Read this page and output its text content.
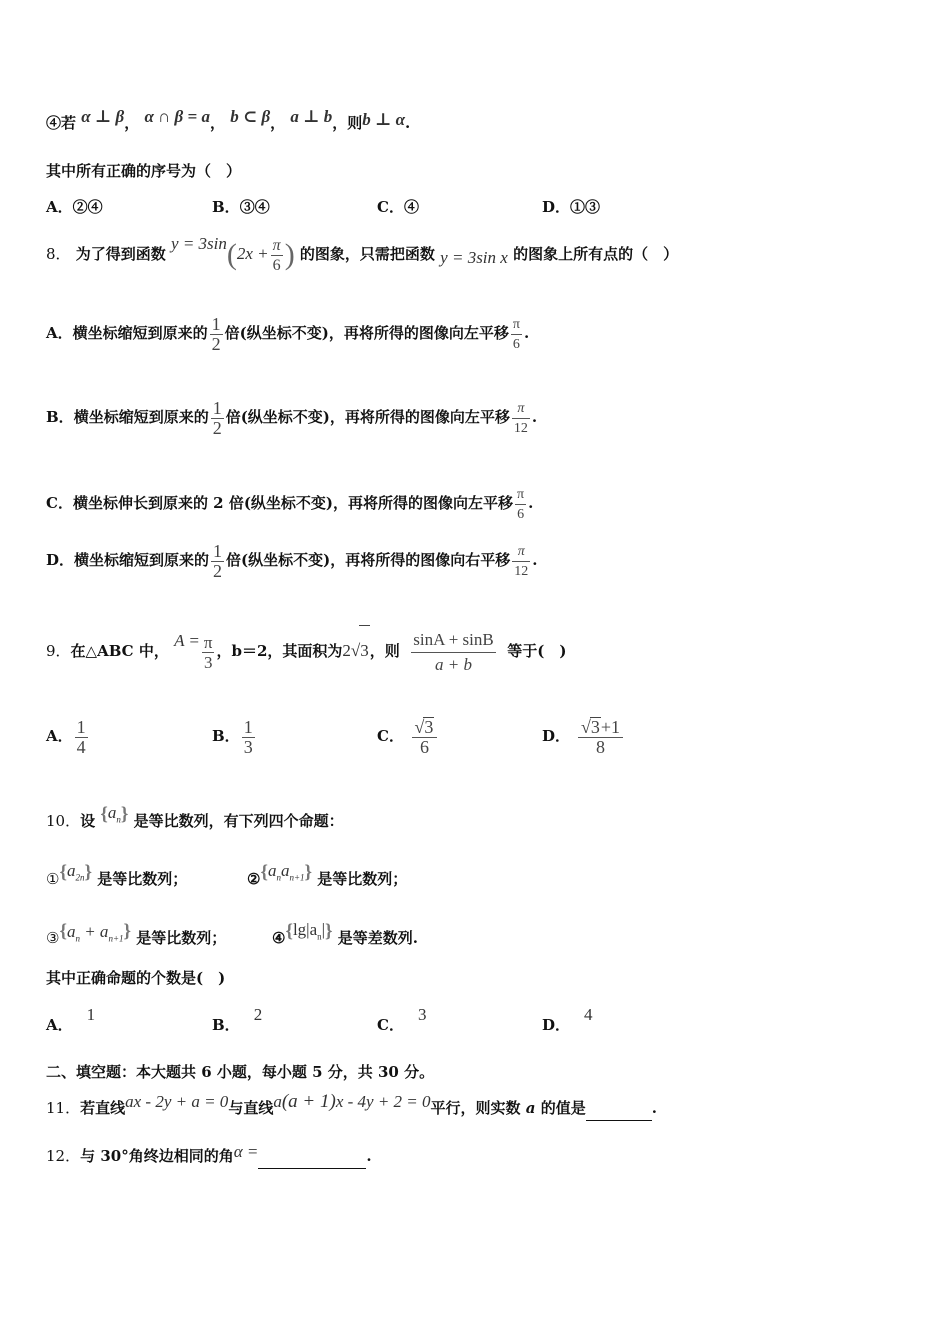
④若 α ⊥ β， α ∩ β = a， b ⊂ β， a ⊥ b，则b ⊥ α.
其中所有正确的序号为（　）
A．②④	B．③④	C．④	D．①③
8． 为了得到函数 $y = 3\sin(2x + \frac{\pi}{6}$ ) 的图象，只需把函数 y = 3sin x 的图象上所有点的（　）
A．横坐标缩短到原来的 $\frac{1}{2}$ 倍(纵坐标不变)，再将所得的图像向左平移 $\frac{\pi}{6}$ .
B．横坐标缩短到原来的 $\frac{1}{2}$ 倍(纵坐标不变)，再将所得的图像向左平移 $\frac{\pi}{12}$ .
C．横坐标伸长到原来的 2 倍(纵坐标不变)，再将所得的图像向左平移 $\frac{\pi}{6}$ .
D．横坐标缩短到原来的 $\frac{1}{2}$ 倍(纵坐标不变)，再将所得的图像向右平移 $\frac{\pi}{12}$ .
9．在△ABC 中， $A = \frac{\pi}{3}$ ，b＝2，其面积为2√3，则 $\frac{\sin A + \sin B}{a + b}$ 等于(　)
A． $\frac{1}{4}$	B． $\frac{1}{3}$	C． $\frac{√3}{6}$	D． $\frac{√3+1}{8}$
10．设 $\{a_n\}$ 是等比数列，有下列四个命题：
$①\{a_{2n}\}$ 是等比数列；	$②\{a_na_{n+1}\}$ 是等比数列；
$③\{a_n + a_{n+1}\}$ 是等比数列；	$④\{\lg|a_n|\}$ 是等差数列.
其中正确命题的个数是(　)
A．1
B．2
C．3
D．4
二、填空题：本大题共 6 小题，每小题 5 分，共 30 分。
11．若直线ax - 2y + a = 0与直线a(a + 1)x - 4y + 2 = 0平行，则实数 a 的值是	.
12．与 30°角终边相同的角α =	.
